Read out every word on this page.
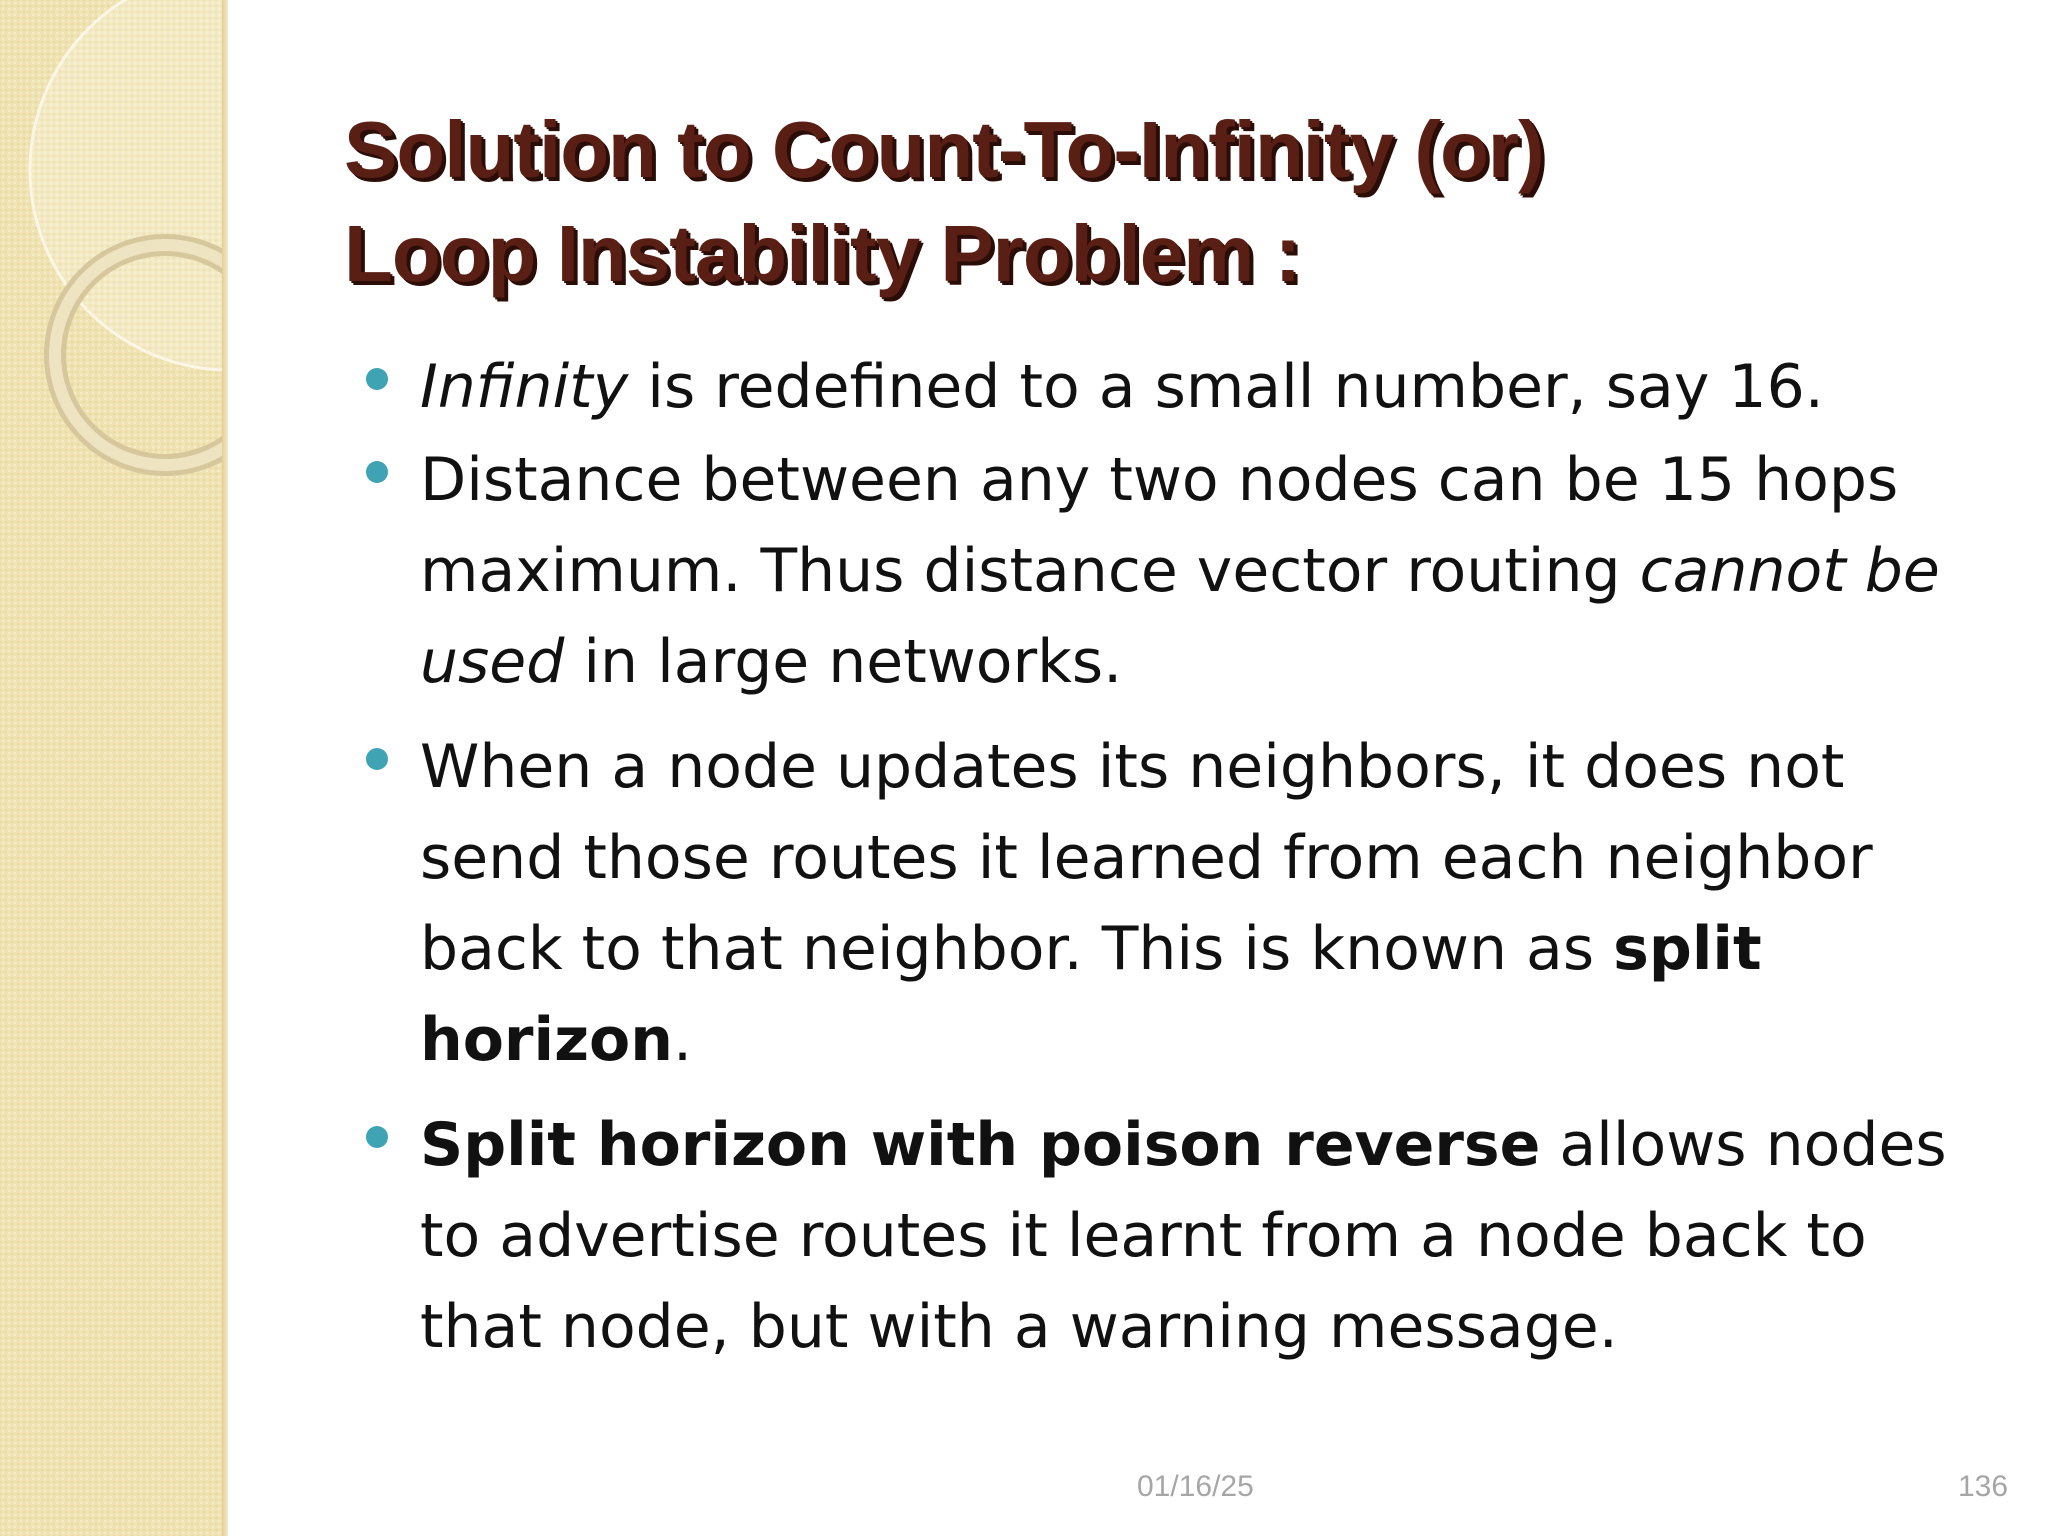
Solution to Count-To-Infinity (or)
Loop Instability Problem :
Infinity is redefined to a small number, say 16.
Distance between any two nodes can be 15 hops maximum. Thus distance vector routing cannot be used in large networks.
When a node updates its neighbors, it does not send those routes it learned from each neighbor back to that neighbor. This is known as split horizon.
Split horizon with poison reverse allows nodes to advertise routes it learnt from a node back to that node, but with a warning message.
01/16/25	136
